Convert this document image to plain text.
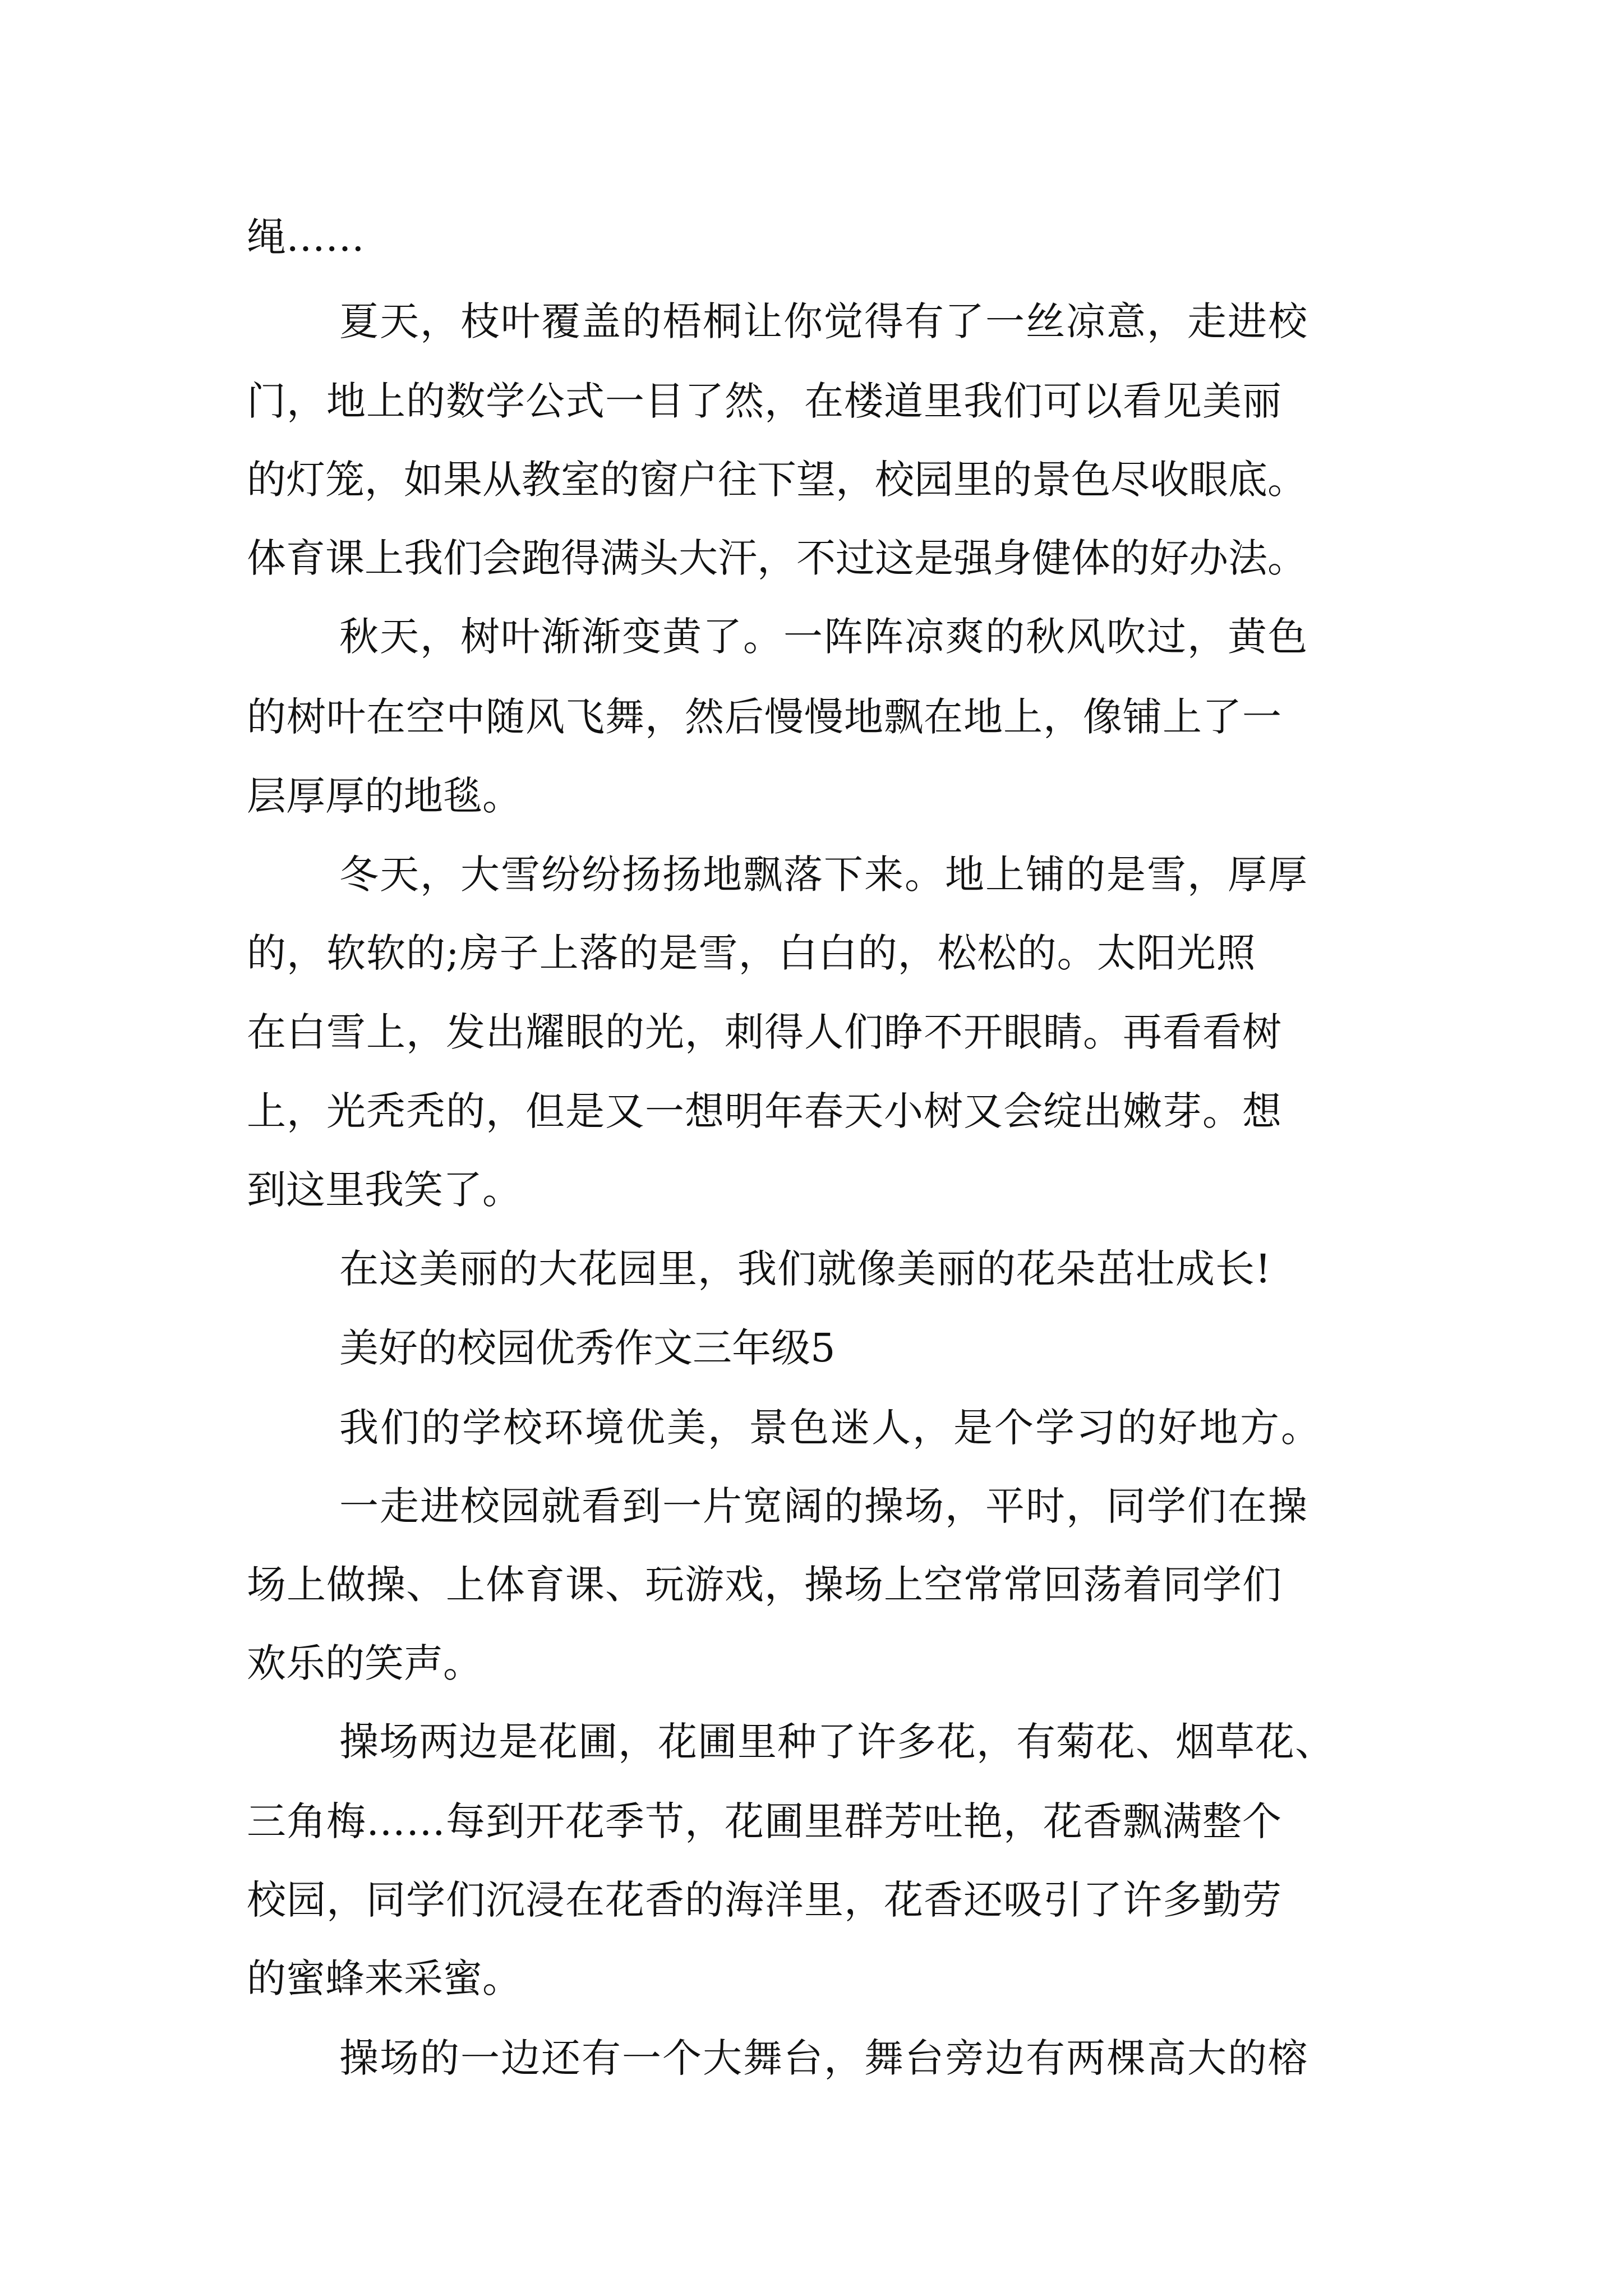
绳……

夏天，枝叶覆盖的梧桐让你觉得有了一丝凉意，走进校

门，地上的数学公式一目了然，在楼道里我们可以看见美丽

的灯笼，如果从教室的窗户往下望，校园里的景色尽收眼底。

体育课上我们会跑得满头大汗，不过这是强身健体的好办法。

秋天，树叶渐渐变黄了。一阵阵凉爽的秋风吹过，黄色

的树叶在空中随风飞舞，然后慢慢地飘在地上，像铺上了一

层厚厚的地毯。

冬天，大雪纷纷扬扬地飘落下来。地上铺的是雪，厚厚

的，软软的;房子上落的是雪，白白的，松松的。太阳光照

在白雪上，发出耀眼的光，刺得人们睁不开眼睛。再看看树

上，光秃秃的，但是又一想明年春天小树又会绽出嫩芽。想

到这里我笑了。

在这美丽的大花园里，我们就像美丽的花朵茁壮成长!

美好的校园优秀作文三年级5

我们的学校环境优美，景色迷人，是个学习的好地方。

一走进校园就看到一片宽阔的操场，平时，同学们在操

场上做操、上体育课、玩游戏，操场上空常常回荡着同学们

欢乐的笑声。

操场两边是花圃，花圃里种了许多花，有菊花、烟草花、

三角梅……每到开花季节，花圃里群芳吐艳，花香飘满整个

校园，同学们沉浸在花香的海洋里，花香还吸引了许多勤劳

的蜜蜂来采蜜。

操场的一边还有一个大舞台，舞台旁边有两棵高大的榕
